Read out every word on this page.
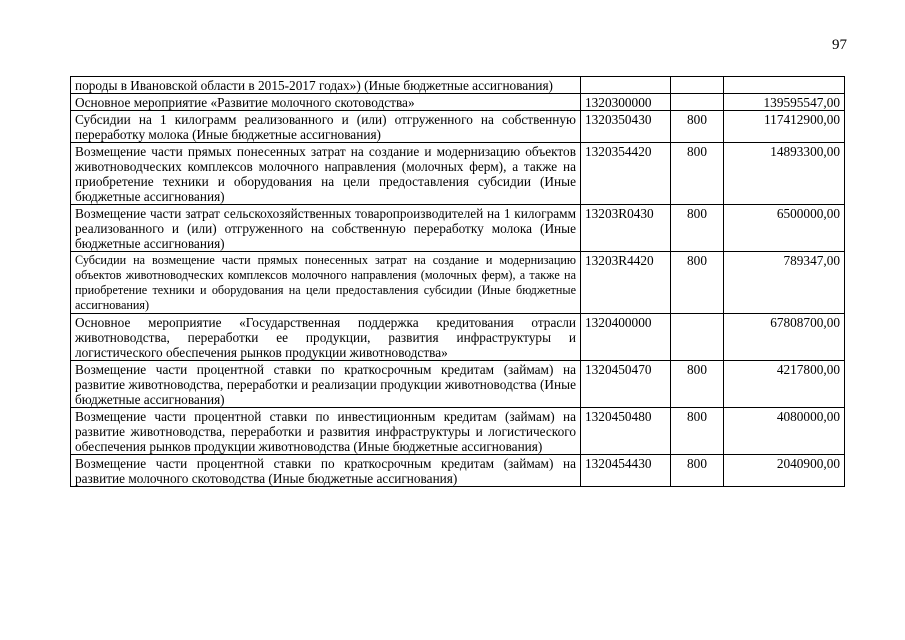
97
породы в Ивановской области в 2015-2017 годах») (Иные бюджетные ассигнования)			
Основное мероприятие «Развитие молочного скотоводства»	1320300000		139595547,00
Субсидии на 1 килограмм реализованного и (или) отгруженного на собственную переработку молока (Иные бюджетные ассигнования)	1320350430	800	117412900,00
Возмещение части прямых понесенных затрат на создание и модернизацию объектов животноводческих комплексов молочного направления (молочных ферм), а также на приобретение техники и оборудования на цели предоставления субсидии (Иные бюджетные ассигнования)	1320354420	800	14893300,00
Возмещение части затрат сельскохозяйственных товаропроизводителей на 1 килограмм реализованного и (или) отгруженного на собственную переработку молока (Иные бюджетные ассигнования)	13203R0430	800	6500000,00
Субсидии на возмещение части прямых понесенных затрат на создание и модернизацию объектов животноводческих комплексов молочного направления (молочных ферм), а также на приобретение техники и оборудования на цели предоставления субсидии (Иные бюджетные ассигнования)	13203R4420	800	789347,00
Основное мероприятие «Государственная поддержка кредитования отрасли животноводства, переработки ее продукции, развития инфраструктуры и логистического обеспечения рынков продукции животноводства»	1320400000		67808700,00
Возмещение части процентной ставки по краткосрочным кредитам (займам) на развитие животноводства, переработки и реализации продукции животноводства (Иные бюджетные ассигнования)	1320450470	800	4217800,00
Возмещение части процентной ставки по инвестиционным кредитам (займам) на развитие животноводства, переработки и развития инфраструктуры и логистического обеспечения рынков продукции животноводства (Иные бюджетные ассигнования)	1320450480	800	4080000,00
Возмещение части процентной ставки по краткосрочным кредитам (займам) на развитие молочного скотоводства (Иные бюджетные ассигнования)	1320454430	800	2040900,00
